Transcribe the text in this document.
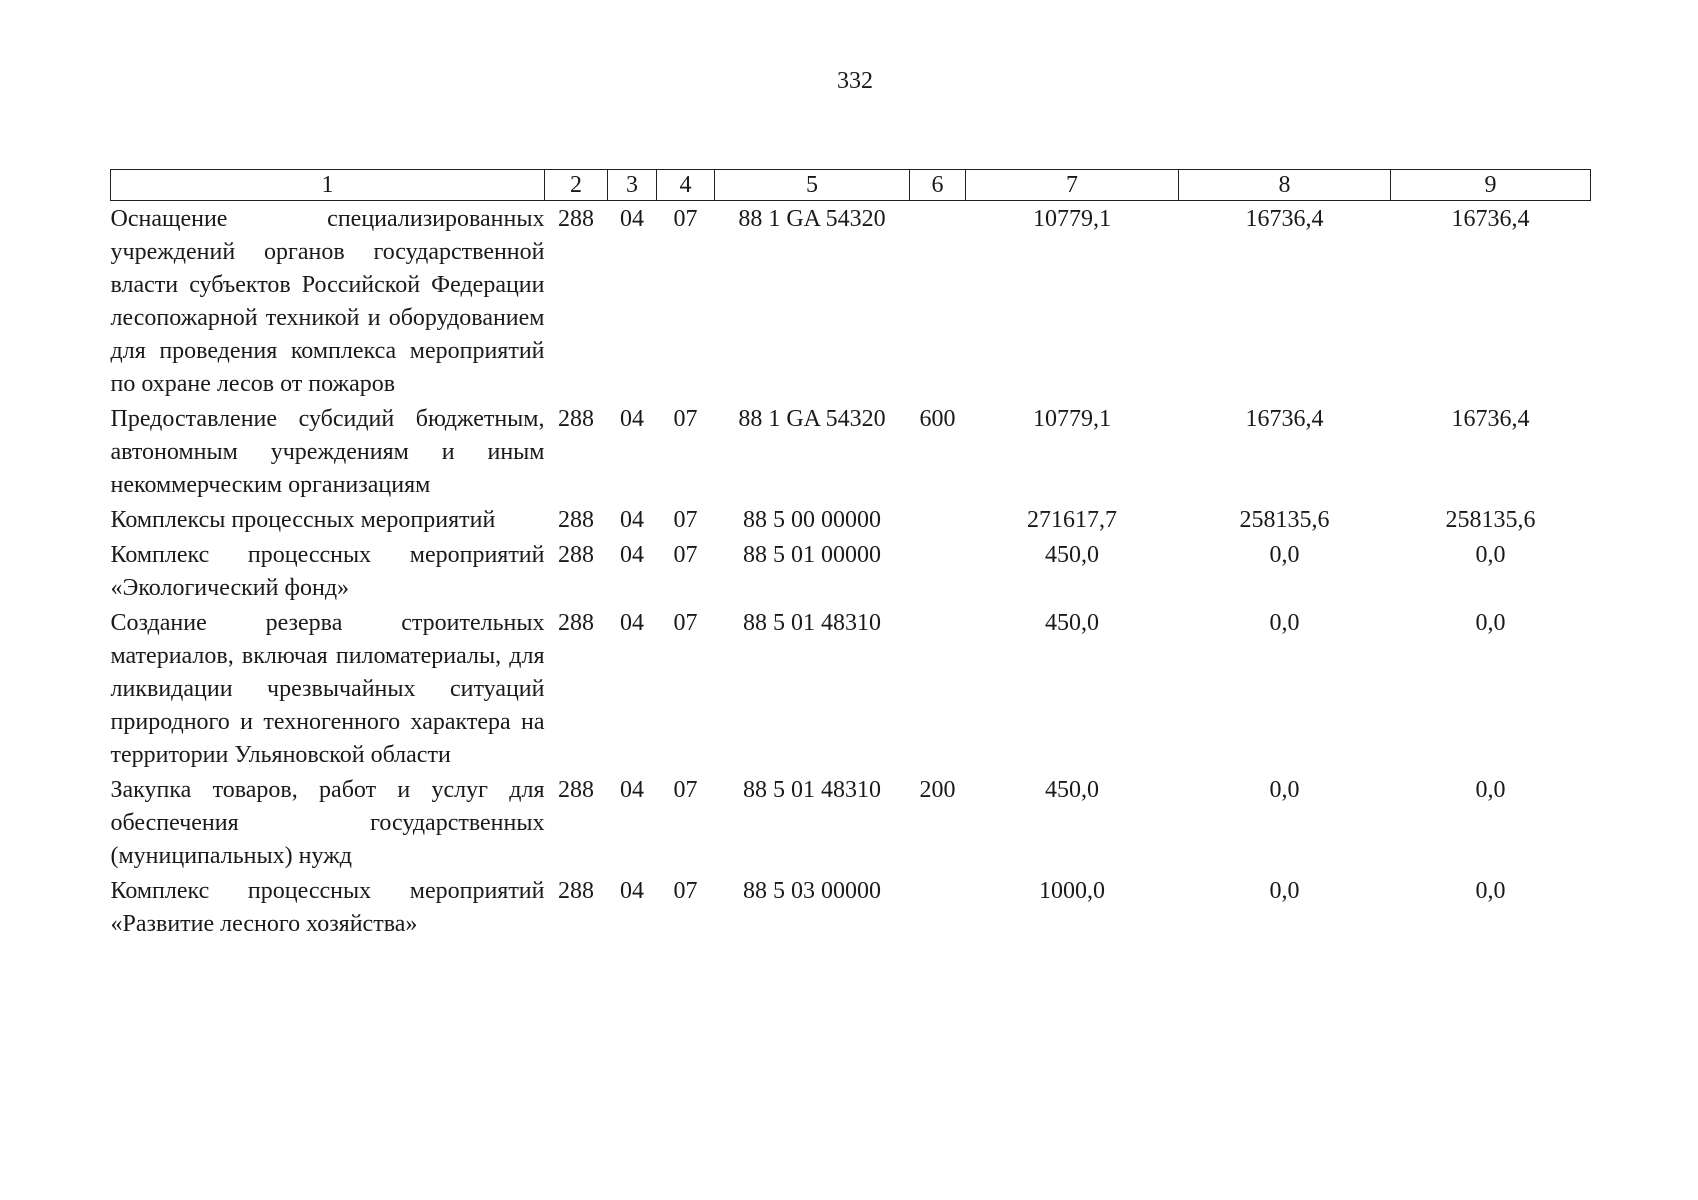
332
1	2	3	4	5	6	7	8	9
Оснащение специализированных учреждений органов государственной власти субъектов Российской Федерации лесопожарной техникой и оборудованием для проведения комплекса мероприятий по охране лесов от пожаров	288	04	07	88 1 GA 54320		10779,1	16736,4	16736,4
Предоставление субсидий бюджетным, автономным учреждениям и иным некоммерческим организациям	288	04	07	88 1 GA 54320	600	10779,1	16736,4	16736,4
Комплексы процессных мероприятий	288	04	07	88 5 00 00000		271617,7	258135,6	258135,6
Комплекс процессных мероприятий «Экологический фонд»	288	04	07	88 5 01 00000		450,0	0,0	0,0
Создание резерва строительных материалов, включая пиломатериалы, для ликвидации чрезвычайных ситуаций природного и техногенного характера на территории Ульяновской области	288	04	07	88 5 01 48310		450,0	0,0	0,0
Закупка товаров, работ и услуг для обеспечения государственных (муниципальных) нужд	288	04	07	88 5 01 48310	200	450,0	0,0	0,0
Комплекс процессных мероприятий «Развитие лесного хозяйства»	288	04	07	88 5 03 00000		1000,0	0,0	0,0
